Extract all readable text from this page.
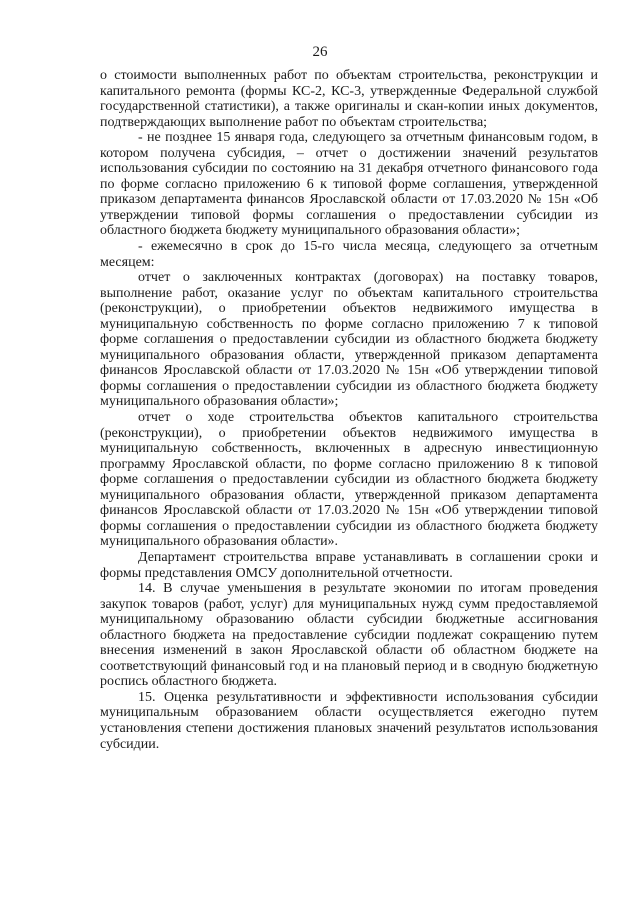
26

о стоимости выполненных работ по объектам строительства, реконструкции и капитального ремонта (формы КС-2, КС-3, утвержденные Федеральной службой государственной статистики), а также оригиналы и скан-копии иных документов, подтверждающих выполнение работ по объектам строительства;

- не позднее 15 января года, следующего за отчетным финансовым годом, в котором получена субсидия, – отчет о достижении значений результатов использования субсидии по состоянию на 31 декабря отчетного финансового года по форме согласно приложению 6 к типовой форме соглашения, утвержденной приказом департамента финансов Ярославской области от 17.03.2020 № 15н «Об утверждении типовой формы соглашения о предоставлении субсидии из областного бюджета бюджету муниципального образования области»;

- ежемесячно в срок до 15-го числа месяца, следующего за отчетным месяцем:

отчет о заключенных контрактах (договорах) на поставку товаров, выполнение работ, оказание услуг по объектам капитального строительства (реконструкции), о приобретении объектов недвижимого имущества в муниципальную собственность по форме согласно приложению 7 к типовой форме соглашения о предоставлении субсидии из областного бюджета бюджету муниципального образования области, утвержденной приказом департамента финансов Ярославской области от 17.03.2020 № 15н «Об утверждении типовой формы соглашения о предоставлении субсидии из областного бюджета бюджету муниципального образования области»;

отчет о ходе строительства объектов капитального строительства (реконструкции), о приобретении объектов недвижимого имущества в муниципальную собственность, включенных в адресную инвестиционную программу Ярославской области, по форме согласно приложению 8 к типовой форме соглашения о предоставлении субсидии из областного бюджета бюджету муниципального образования области, утвержденной приказом департамента финансов Ярославской области от 17.03.2020 № 15н «Об утверждении типовой формы соглашения о предоставлении субсидии из областного бюджета бюджету муниципального образования области».

Департамент строительства вправе устанавливать в соглашении сроки и формы представления ОМСУ дополнительной отчетности.

14. В случае уменьшения в результате экономии по итогам проведения закупок товаров (работ, услуг) для муниципальных нужд сумм предоставляемой муниципальному образованию области субсидии бюджетные ассигнования областного бюджета на предоставление субсидии подлежат сокращению путем внесения изменений в закон Ярославской области об областном бюджете на соответствующий финансовый год и на плановый период и в сводную бюджетную роспись областного бюджета.

15. Оценка результативности и эффективности использования субсидии муниципальным образованием области осуществляется ежегодно путем установления степени достижения плановых значений результатов использования субсидии.
